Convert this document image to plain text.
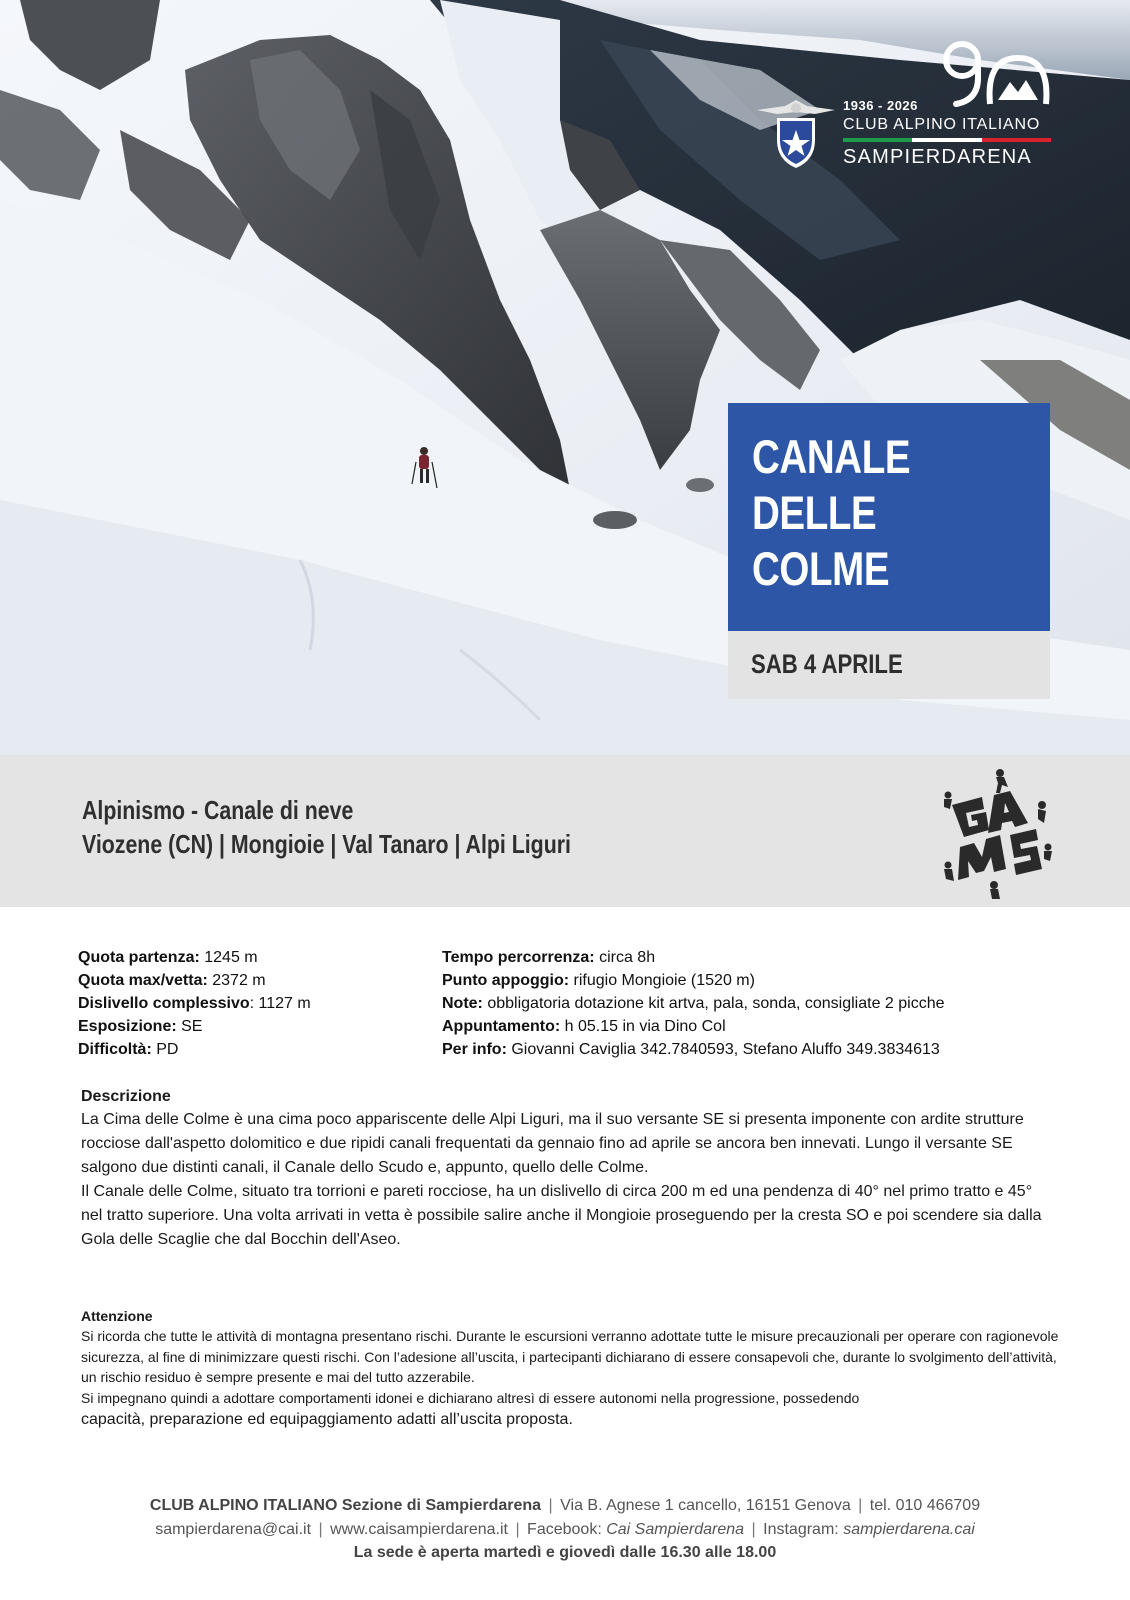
1936 - 2026
CLUB ALPINO ITALIANO
SAMPIERDARENA
CANALE DELLE
COLME
SAB 4 APRILE
Alpinismo - Canale di neve
Viozene (CN) | Mongioie | Val Tanaro | Alpi Liguri
Quota partenza: 1245 m
Quota max/vetta: 2372 m
Dislivello complessivo: 1127 m
Esposizione: SE
Difficoltà: PD
Tempo percorrenza: circa 8h
Punto appoggio: rifugio Mongioie (1520 m)
Note: obbligatoria dotazione kit artva, pala, sonda, consigliate 2 picche
Appuntamento: h 05.15 in via Dino Col
Per info: Giovanni Caviglia 342.7840593, Stefano Aluffo 349.3834613
Descrizione

La Cima delle Colme è una cima poco appariscente delle Alpi Liguri, ma il suo versante SE si presenta imponente con ardite strutture rocciose dall'aspetto dolomitico e due ripidi canali frequentati da gennaio fino ad aprile se ancora ben innevati. Lungo il versante SE salgono due distinti canali, il Canale dello Scudo e, appunto, quello delle Colme.

Il Canale delle Colme, situato tra torrioni e pareti rocciose, ha un dislivello di circa 200 m ed una pendenza di 40° nel primo tratto e 45° nel tratto superiore. Una volta arrivati in vetta è possibile salire anche il Mongioie proseguendo per la cresta SO e poi scendere sia dalla Gola delle Scaglie che dal Bocchin dell'Aseo.

Attenzione

Si ricorda che tutte le attività di montagna presentano rischi. Durante le escursioni verranno adottate tutte le misure precauzionali per operare con ragionevole sicurezza, al fine di minimizzare questi rischi. Con l’adesione all’uscita, i partecipanti dichiarano di essere consapevoli che, durante lo svolgimento dell’attività, un rischio residuo è sempre presente e mai del tutto azzerabile.

Si impegnano quindi a adottare comportamenti idonei e dichiarano altresì di essere autonomi nella progressione, possedendo

capacità, preparazione ed equipaggiamento adatti all’uscita proposta.

CLUB ALPINO ITALIANO Sezione di Sampierdarena | Via B. Agnese 1 cancello, 16151 Genova | tel. 010 466709
sampierdarena@cai.it | www.caisampierdarena.it | Facebook: Cai Sampierdarena | Instagram: sampierdarena.cai
La sede è aperta martedì e giovedì dalle 16.30 alle 18.00
